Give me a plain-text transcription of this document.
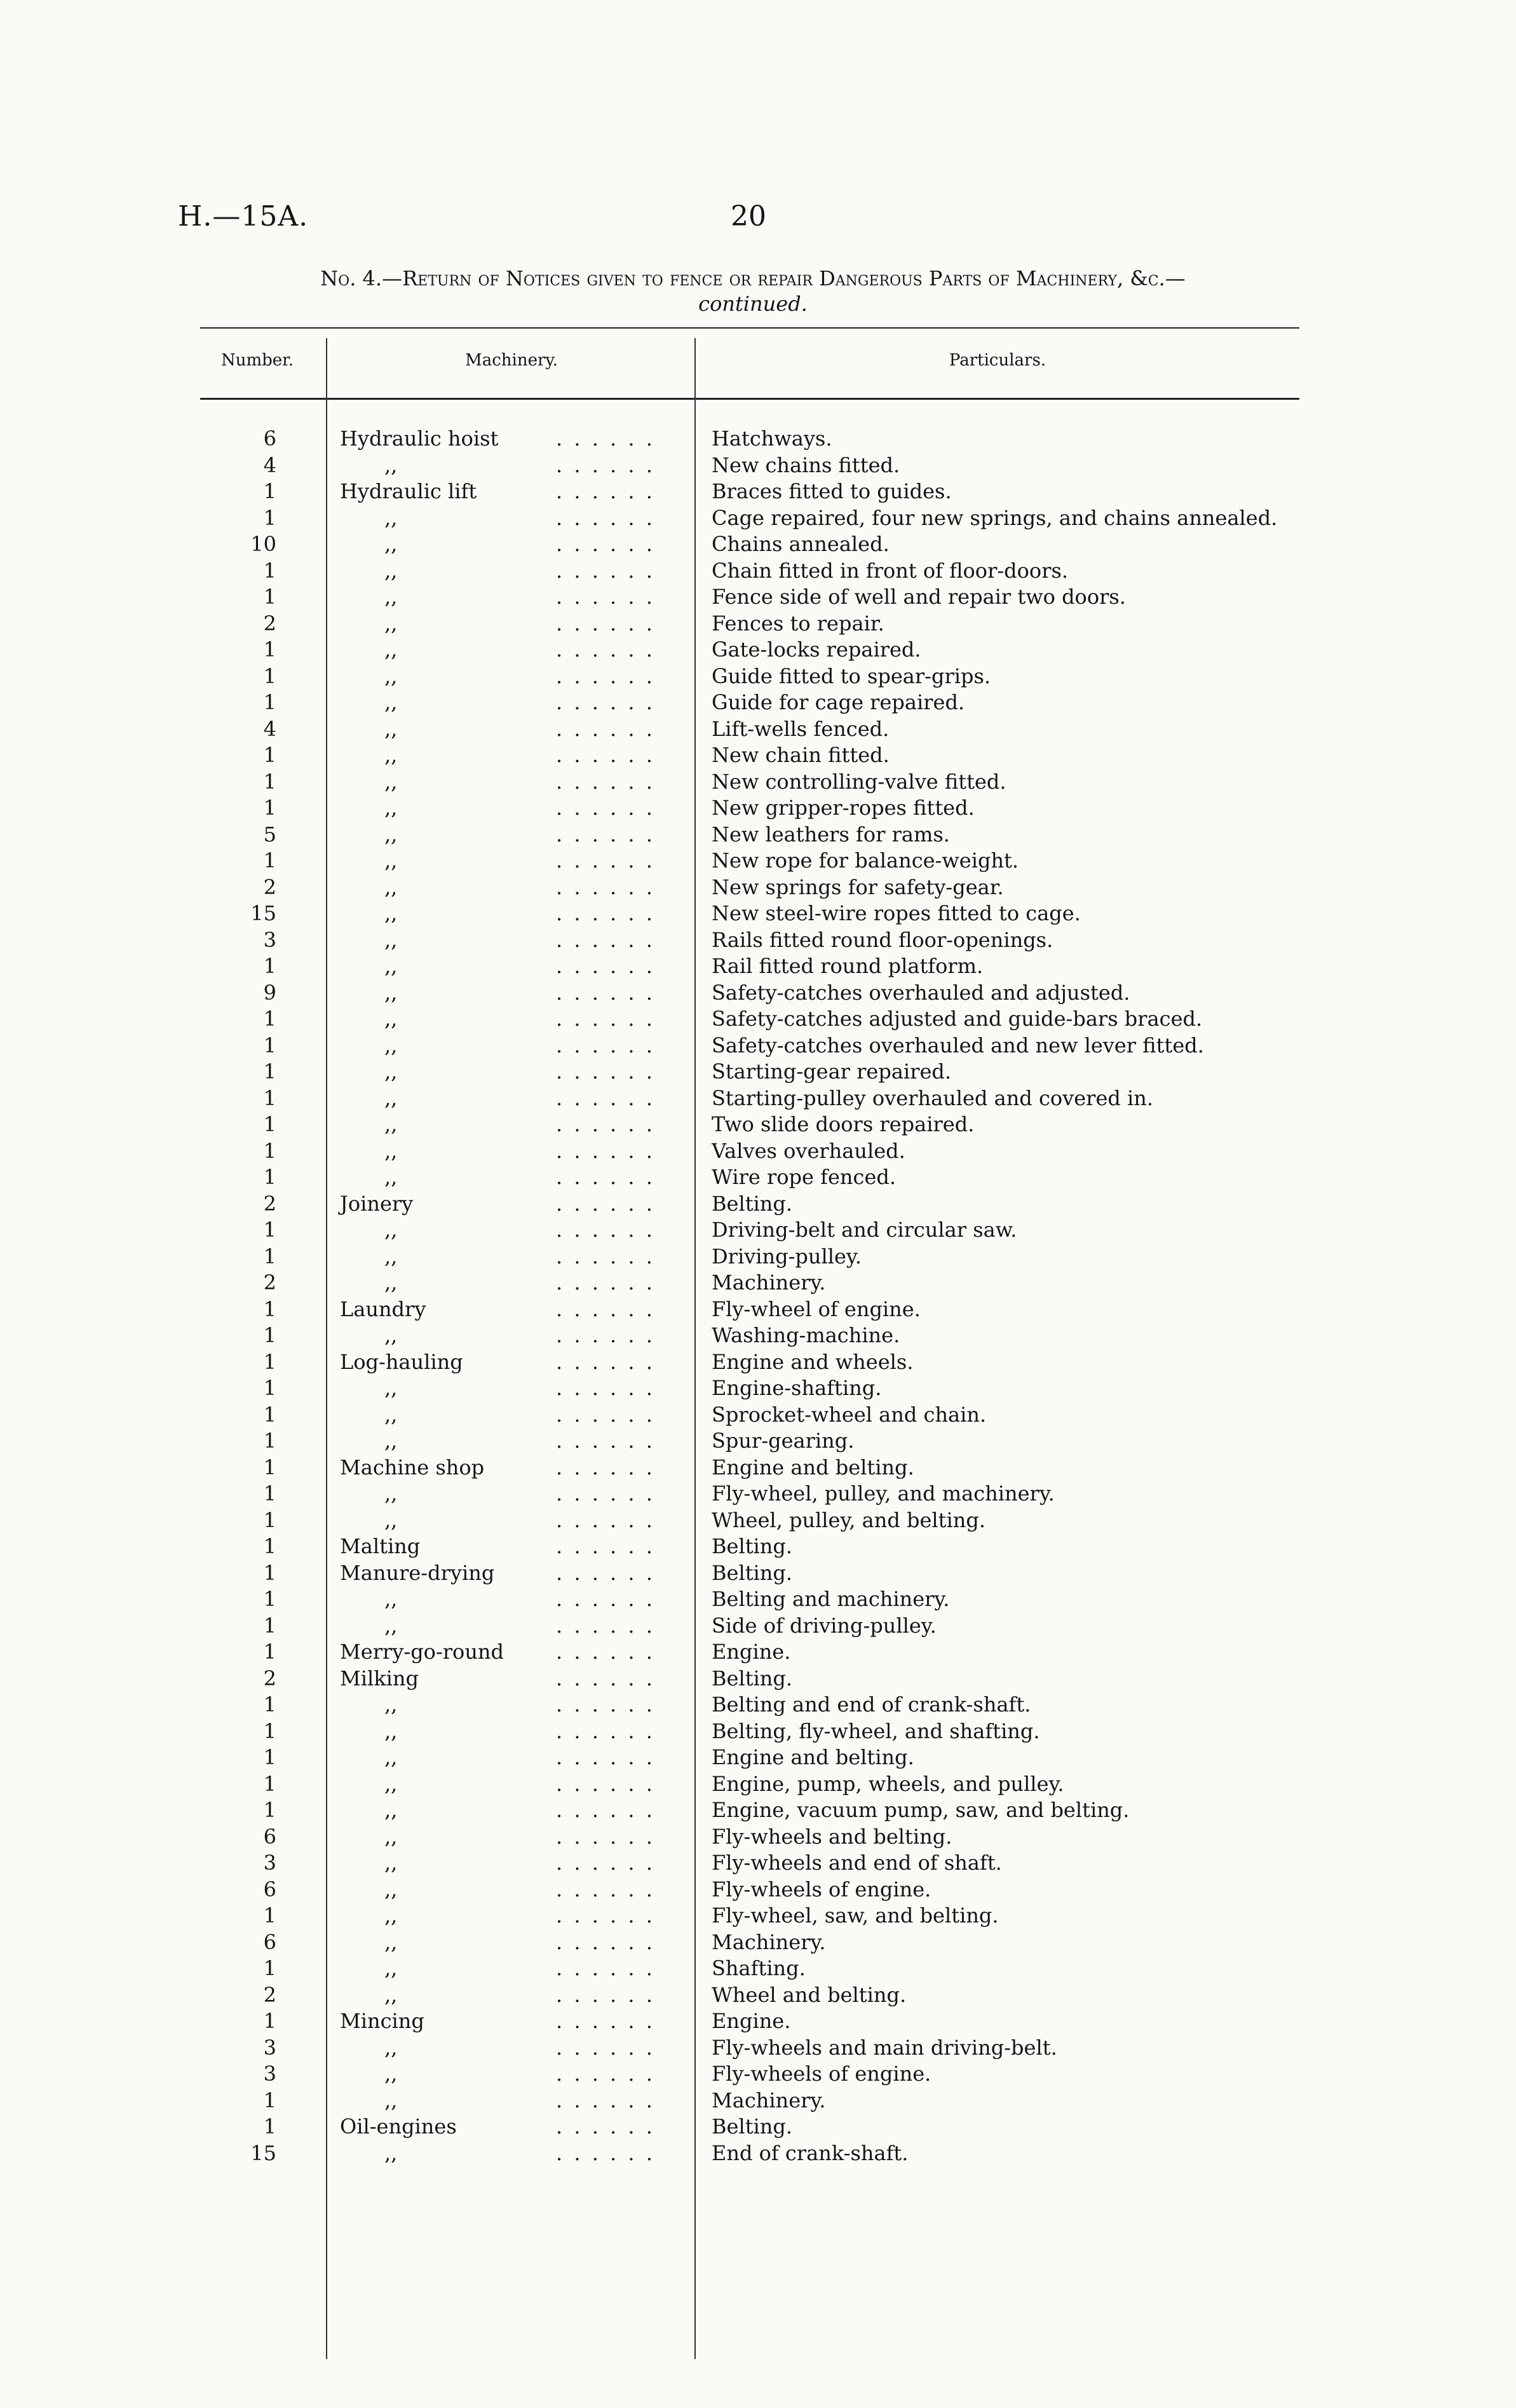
H.—15A.	20
No. 4.—Return of Notices given to fence or repair Dangerous Parts of Machinery, &c.—
continued.
Number.	Machinery.	Particulars.
6	Hydraulic hoist	. . . . . .	Hatchways.
4	,,	. . . . . .	New chains fitted.
1	Hydraulic lift	. . . . . .	Braces fitted to guides.
1	,,	. . . . . .	Cage repaired, four new springs, and chains annealed.
10	,,	. . . . . .	Chains annealed.
1	,,	. . . . . .	Chain fitted in front of floor-doors.
1	,,	. . . . . .	Fence side of well and repair two doors.
2	,,	. . . . . .	Fences to repair.
1	,,	. . . . . .	Gate-locks repaired.
1	,,	. . . . . .	Guide fitted to spear-grips.
1	,,	. . . . . .	Guide for cage repaired.
4	,,	. . . . . .	Lift-wells fenced.
1	,,	. . . . . .	New chain fitted.
1	,,	. . . . . .	New controlling-valve fitted.
1	,,	. . . . . .	New gripper-ropes fitted.
5	,,	. . . . . .	New leathers for rams.
1	,,	. . . . . .	New rope for balance-weight.
2	,,	. . . . . .	New springs for safety-gear.
15	,,	. . . . . .	New steel-wire ropes fitted to cage.
3	,,	. . . . . .	Rails fitted round floor-openings.
1	,,	. . . . . .	Rail fitted round platform.
9	,,	. . . . . .	Safety-catches overhauled and adjusted.
1	,,	. . . . . .	Safety-catches adjusted and guide-bars braced.
1	,,	. . . . . .	Safety-catches overhauled and new lever fitted.
1	,,	. . . . . .	Starting-gear repaired.
1	,,	. . . . . .	Starting-pulley overhauled and covered in.
1	,,	. . . . . .	Two slide doors repaired.
1	,,	. . . . . .	Valves overhauled.
1	,,	. . . . . .	Wire rope fenced.
2	Joinery	. . . . . .	Belting.
1	,,	. . . . . .	Driving-belt and circular saw.
1	,,	. . . . . .	Driving-pulley.
2	,,	. . . . . .	Machinery.
1	Laundry	. . . . . .	Fly-wheel of engine.
1	,,	. . . . . .	Washing-machine.
1	Log-hauling	. . . . . .	Engine and wheels.
1	,,	. . . . . .	Engine-shafting.
1	,,	. . . . . .	Sprocket-wheel and chain.
1	,,	. . . . . .	Spur-gearing.
1	Machine shop	. . . . . .	Engine and belting.
1	,,	. . . . . .	Fly-wheel, pulley, and machinery.
1	,,	. . . . . .	Wheel, pulley, and belting.
1	Malting	. . . . . .	Belting.
1	Manure-drying	. . . . . .	Belting.
1	,,	. . . . . .	Belting and machinery.
1	,,	. . . . . .	Side of driving-pulley.
1	Merry-go-round	. . . . . .	Engine.
2	Milking	. . . . . .	Belting.
1	,,	. . . . . .	Belting and end of crank-shaft.
1	,,	. . . . . .	Belting, fly-wheel, and shafting.
1	,,	. . . . . .	Engine and belting.
1	,,	. . . . . .	Engine, pump, wheels, and pulley.
1	,,	. . . . . .	Engine, vacuum pump, saw, and belting.
6	,,	. . . . . .	Fly-wheels and belting.
3	,,	. . . . . .	Fly-wheels and end of shaft.
6	,,	. . . . . .	Fly-wheels of engine.
1	,,	. . . . . .	Fly-wheel, saw, and belting.
6	,,	. . . . . .	Machinery.
1	,,	. . . . . .	Shafting.
2	,,	. . . . . .	Wheel and belting.
1	Mincing	. . . . . .	Engine.
3	,,	. . . . . .	Fly-wheels and main driving-belt.
3	,,	. . . . . .	Fly-wheels of engine.
1	,,	. . . . . .	Machinery.
1	Oil-engines	. . . . . .	Belting.
15	,,	. . . . . .	End of crank-shaft.
